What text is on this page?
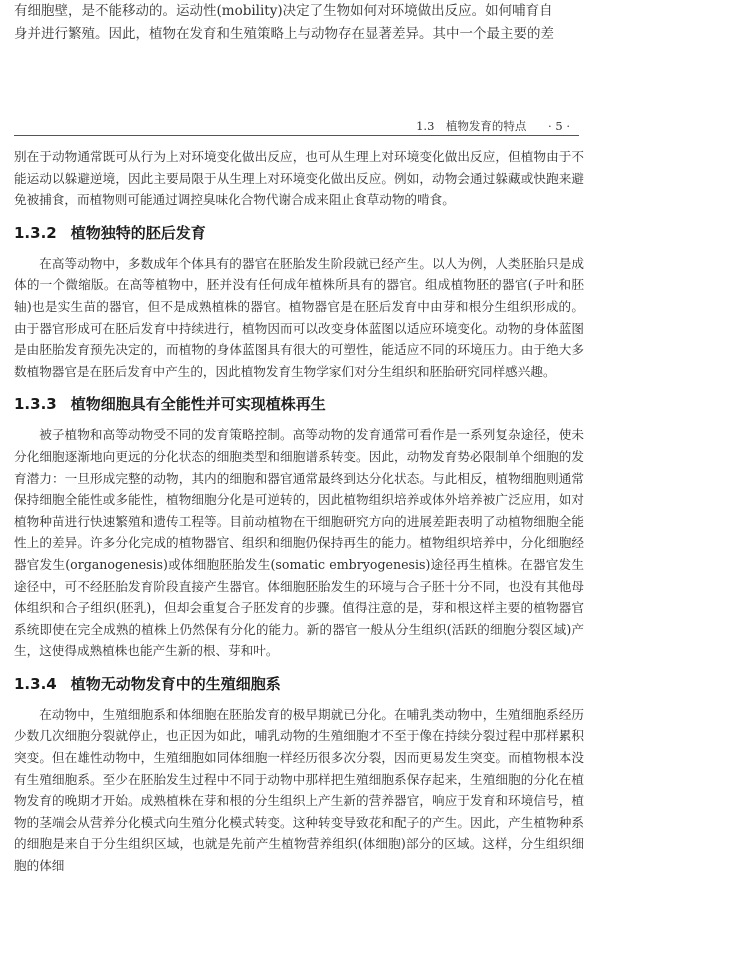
有细胞壁，是不能移动的。运动性(mobility)决定了生物如何对环境做出反应。如何哺育自

身并进行繁殖。因此，植物在发育和生殖策略上与动物存在显著差异。其中一个最主要的差

1.3　植物发育的特点 · 5 ·

别在于动物通常既可从行为上对环境变化做出反应，也可从生理上对环境变化做出反应，但植物由于不能运动以躲避逆境，因此主要局限于从生理上对环境变化做出反应。例如，动物会通过躲藏或快跑来避免被捕食，而植物则可能通过调控臭味化合物代谢合成来阻止食草动物的啃食。

1.3.2 植物独特的胚后发育

在高等动物中，多数成年个体具有的器官在胚胎发生阶段就已经产生。以人为例，人类胚胎只是成体的一个微缩版。在高等植物中，胚并没有任何成年植株所具有的器官。组成植物胚的器官(子叶和胚轴)也是实生苗的器官，但不是成熟植株的器官。植物器官是在胚后发育中由芽和根分生组织形成的。由于器官形成可在胚后发育中持续进行，植物因而可以改变身体蓝图以适应环境变化。动物的身体蓝图是由胚胎发育预先决定的，而植物的身体蓝图具有很大的可塑性，能适应不同的环境压力。由于绝大多数植物器官是在胚后发育中产生的，因此植物发育生物学家们对分生组织和胚胎研究同样感兴趣。

1.3.3 植物细胞具有全能性并可实现植株再生

被子植物和高等动物受不同的发育策略控制。高等动物的发育通常可看作是一系列复杂途径，使未分化细胞逐渐地向更远的分化状态的细胞类型和细胞谱系转变。因此，动物发育势必限制单个细胞的发育潜力：一旦形成完整的动物，其内的细胞和器官通常最终到达分化状态。与此相反，植物细胞则通常保持细胞全能性或多能性，植物细胞分化是可逆转的，因此植物组织培养或体外培养被广泛应用，如对植物种苗进行快速繁殖和遗传工程等。目前动植物在干细胞研究方向的进展差距表明了动植物细胞全能性上的差异。许多分化完成的植物器官、组织和细胞仍保持再生的能力。植物组织培养中，分化细胞经器官发生(organogenesis)或体细胞胚胎发生(somatic embryogenesis)途径再生植株。在器官发生途径中，可不经胚胎发育阶段直接产生器官。体细胞胚胎发生的环境与合子胚十分不同，也没有其他母体组织和合子组织(胚乳)，但却会重复合子胚发育的步骤。值得注意的是，芽和根这样主要的植物器官系统即使在完全成熟的植株上仍然保有分化的能力。新的器官一般从分生组织(活跃的细胞分裂区域)产生，这使得成熟植株也能产生新的根、芽和叶。

1.3.4 植物无动物发育中的生殖细胞系

在动物中，生殖细胞系和体细胞在胚胎发育的极早期就已分化。在哺乳类动物中，生殖细胞系经历少数几次细胞分裂就停止，也正因为如此，哺乳动物的生殖细胞才不至于像在持续分裂过程中那样累积突变。但在雄性动物中，生殖细胞如同体细胞一样经历很多次分裂，因而更易发生突变。而植物根本没有生殖细胞系。至少在胚胎发生过程中不同于动物中那样把生殖细胞系保存起来，生殖细胞的分化在植物发育的晚期才开始。成熟植株在芽和根的分生组织上产生新的营养器官，响应于发育和环境信号，植物的茎端会从营养分化模式向生殖分化模式转变。这种转变导致花和配子的产生。因此，产生植物种系的细胞是来自于分生组织区域，也就是先前产生植物营养组织(体细胞)部分的区域。这样，分生组织细胞的体细
